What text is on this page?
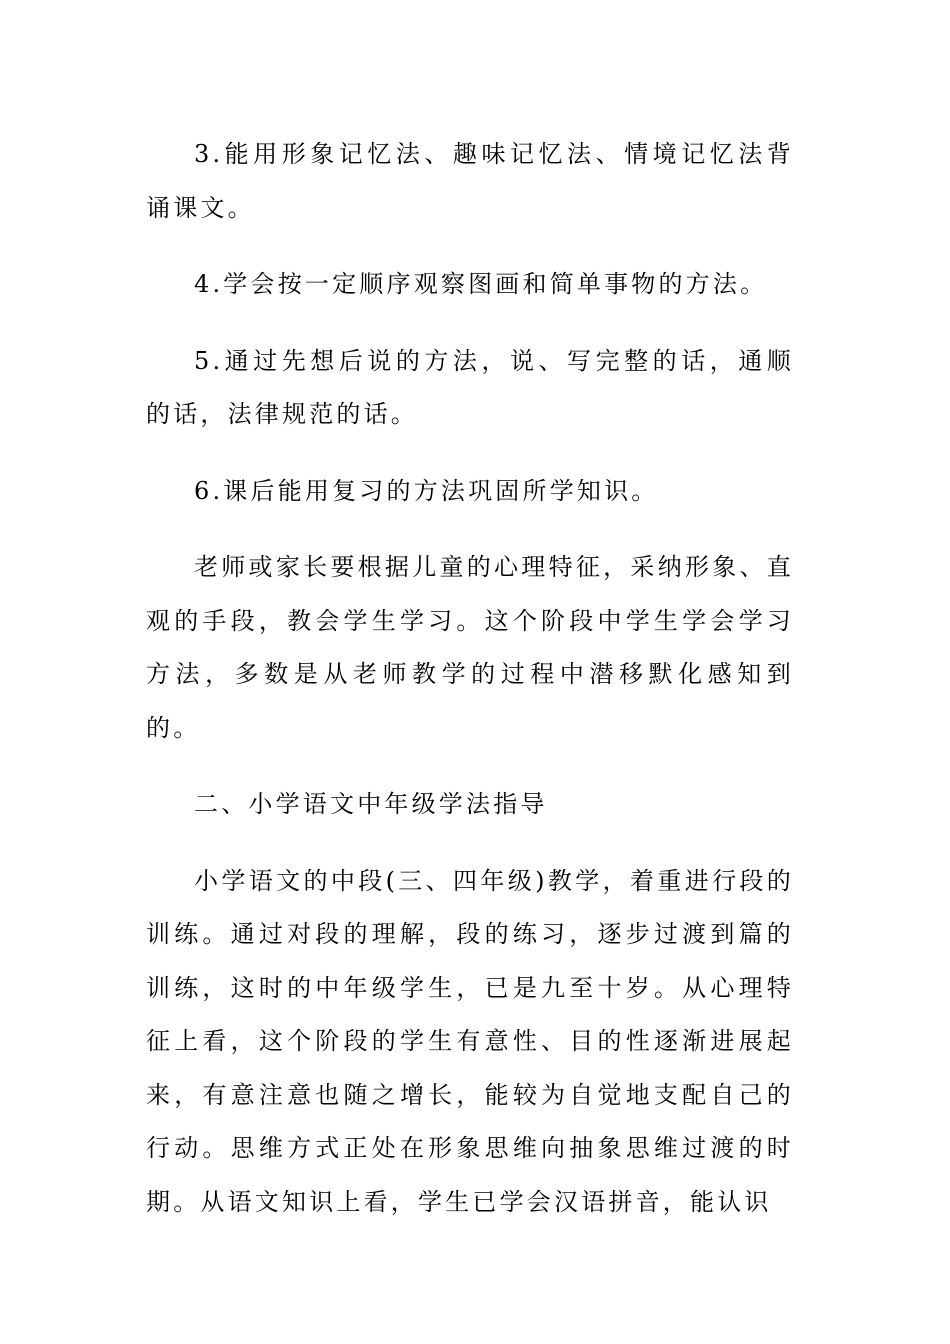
3.能用形象记忆法、趣味记忆法、情境记忆法背诵课文。

4.学会按一定顺序观察图画和简单事物的方法。

5.通过先想后说的方法，说、写完整的话，通顺的话，法律规范的话。

6.课后能用复习的方法巩固所学知识。

老师或家长要根据儿童的心理特征，采纳形象、直观的手段，教会学生学习。这个阶段中学生学会学习方法，多数是从老师教学的过程中潜移默化感知到的。

二、小学语文中年级学法指导

小学语文的中段(三、四年级)教学，着重进行段的训练。通过对段的理解，段的练习，逐步过渡到篇的训练，这时的中年级学生，已是九至十岁。从心理特征上看，这个阶段的学生有意性、目的性逐渐进展起来，有意注意也随之增长，能较为自觉地支配自己的行动。思维方式正处在形象思维向抽象思维过渡的时期。从语文知识上看，学生已学会汉语拼音，能认识
